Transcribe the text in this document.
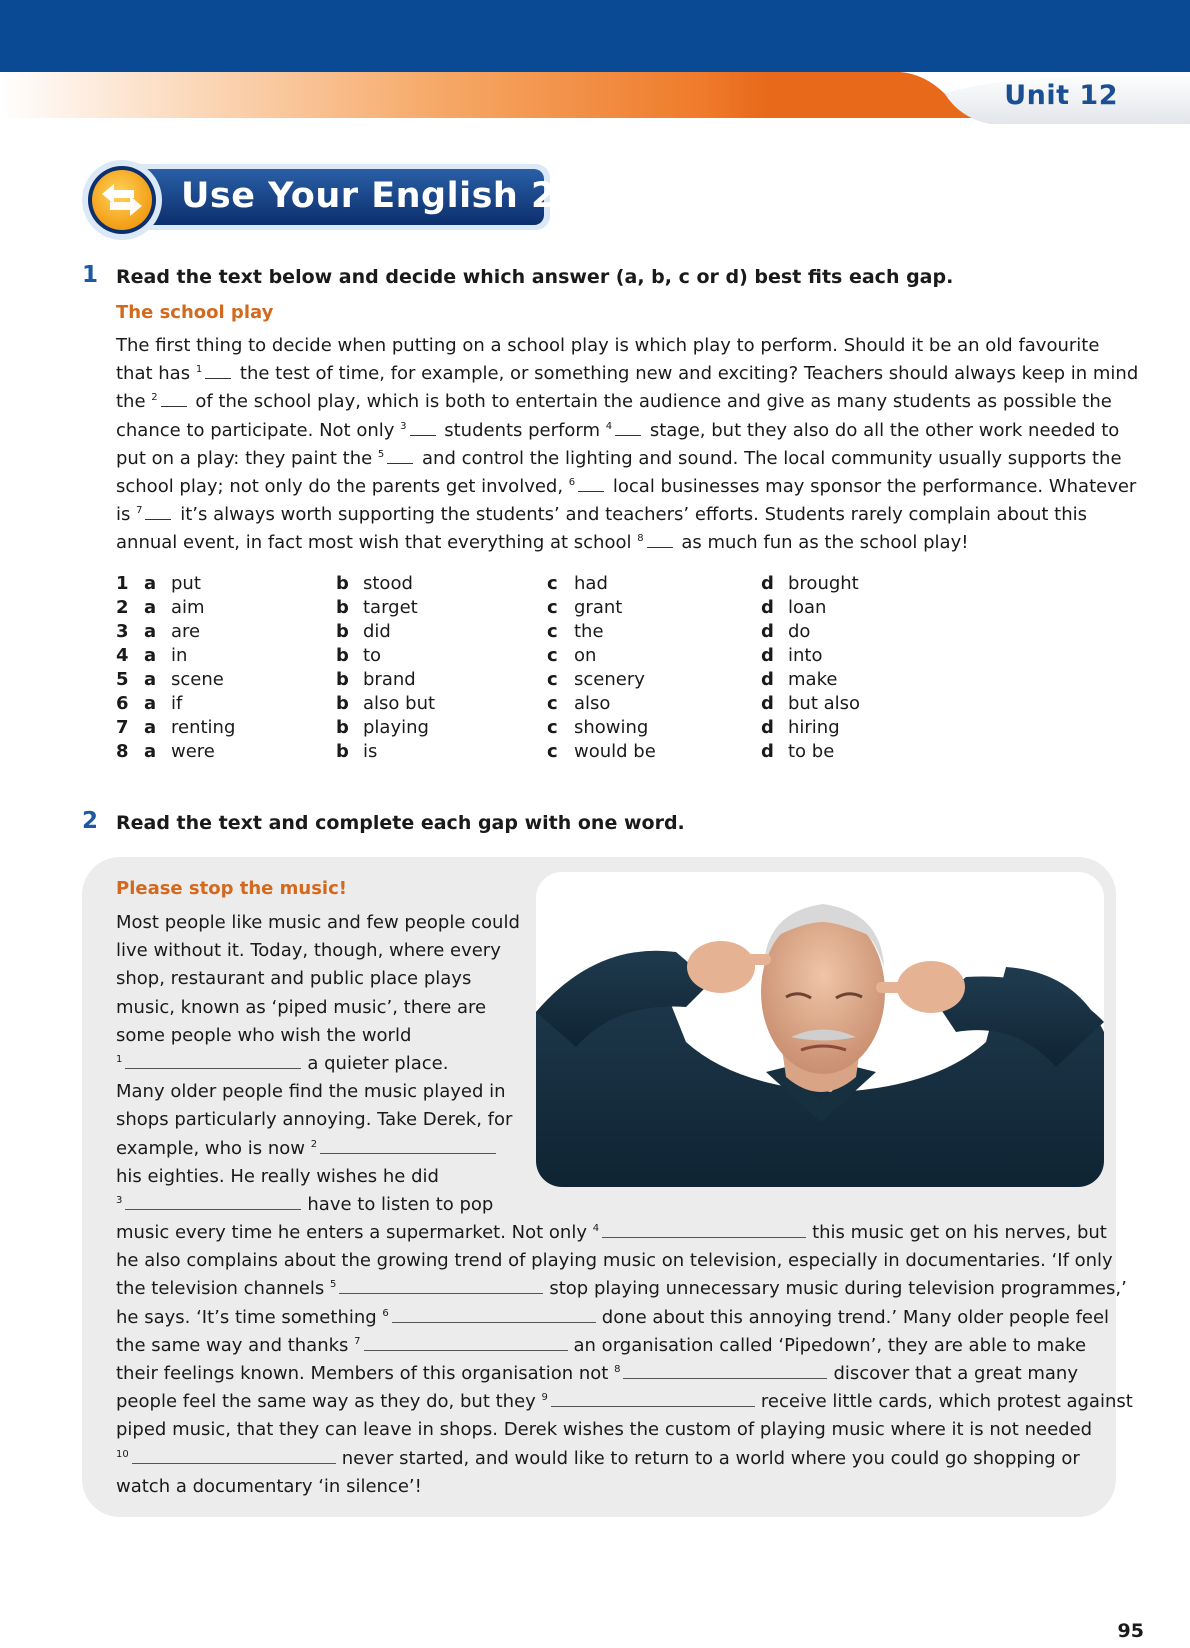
Unit 12
Use Your English 2
1 Read the text below and decide which answer (a, b, c or d) best fits each gap.
The school play
The first thing to decide when putting on a school play is which play to perform. Should it be an old favourite
that has $^1$ the test of time, for example, or something new and exciting? Teachers should always keep in mind
the $^2$ of the school play, which is both to entertain the audience and give as many students as possible the
chance to participate. Not only $^3$ students perform $^4$ stage, but they also do all the other work needed to
put on a play: they paint the $^5$ and control the lighting and sound. The local community usually supports the
school play; not only do the parents get involved, $^6$ local businesses may sponsor the performance. Whatever
is $^7$ it’s always worth supporting the students’ and teachers’ efforts. Students rarely complain about this
annual event, in fact most wish that everything at school $^8$ as much fun as the school play!
1 a put	b stood	c had	d brought
2 a aim	b target	c grant	d loan
3 a are	b did	c the	d do
4 a in	b to	c on	d into
5 a scene	b brand	c scenery	d make
6 a if	b also but	c also	d but also
7 a renting	b playing	c showing	d hiring
8 a were	b is	c would be	d to be
2 Read the text and complete each gap with one word.
Please stop the music!
Most people like music and few people could
live without it. Today, though, where every
shop, restaurant and public place plays
music, known as ‘piped music’, there are
some people who wish the world
$^1$	a quieter place.
Many older people find the music played in
shops particularly annoying. Take Derek, for
example, who is now $^2$
his eighties. He really wishes he did
$^3$	have to listen to pop
music every time he enters a supermarket. Not only $^4$	this music get on his nerves, but
he also complains about the growing trend of playing music on television, especially in documentaries. ‘If only
the television channels $^5$	stop playing unnecessary music during television programmes,’
he says. ‘It’s time something $^6$	done about this annoying trend.’ Many older people feel
the same way and thanks $^7$	an organisation called ‘Pipedown’, they are able to make
their feelings known. Members of this organisation not $^8$	discover that a great many
people feel the same way as they do, but they $^9$	receive little cards, which protest against
piped music, that they can leave in shops. Derek wishes the custom of playing music where it is not needed
$^{10}$	never started, and would like to return to a world where you could go shopping or
watch a documentary ‘in silence’!
95
